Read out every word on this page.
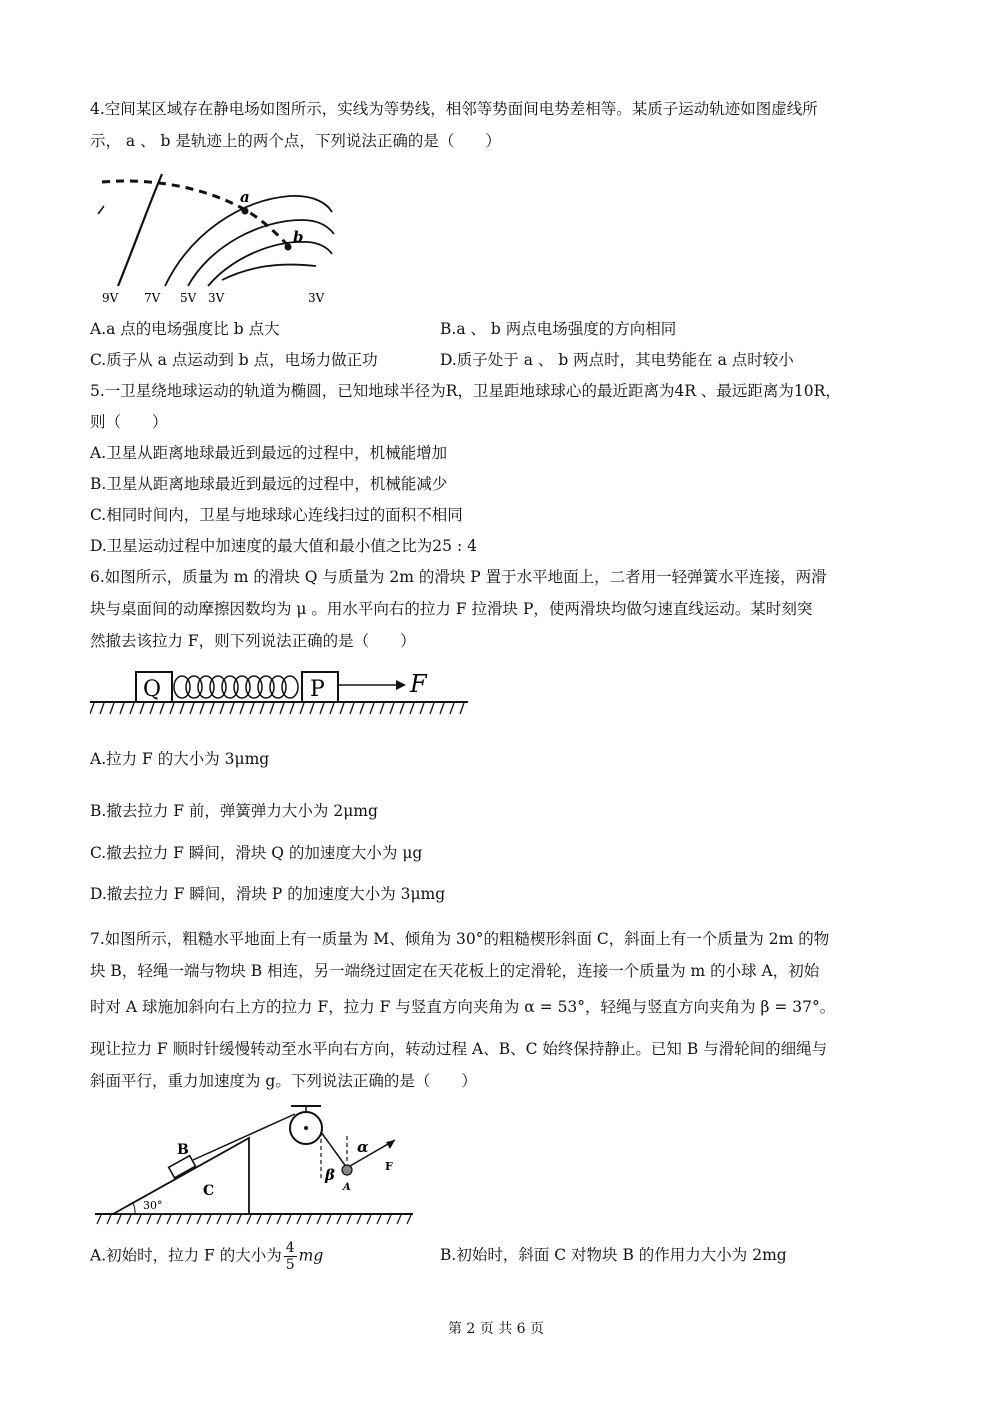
4.空间某区域存在静电场如图所示，实线为等势线，相邻等势面间电势差相等。某质子运动轨迹如图虚线所
示， a 、 b 是轨迹上的两个点，下列说法正确的是（　　）
a
b
9V 7V 5V 3V	3V
A.a 点的电场强度比 b 点大	B.a 、 b 两点电场强度的方向相同
C.质子从 a 点运动到 b 点，电场力做正功	D.质子处于 a 、 b 两点时，其电势能在 a 点时较小
5.一卫星绕地球运动的轨道为椭圆，已知地球半径为R，卫星距地球球心的最近距离为4R 、最远距离为10R，
则（　　）
A.卫星从距离地球最近到最远的过程中，机械能增加
B.卫星从距离地球最近到最远的过程中，机械能减少
C.相同时间内，卫星与地球球心连线扫过的面积不相同
D.卫星运动过程中加速度的最大值和最小值之比为25 : 4
6.如图所示，质量为 m 的滑块 Q 与质量为 2m 的滑块 P 置于水平地面上，二者用一轻弹簧水平连接，两滑
块与桌面间的动摩擦因数均为 μ 。用水平向右的拉力 F 拉滑块 P，使两滑块均做匀速直线运动。某时刻突
然撤去该拉力 F，则下列说法正确的是（　　）
Q	P	F
A.拉力 F 的大小为 3μmg
B.撤去拉力 F 前，弹簧弹力大小为 2μmg
C.撤去拉力 F 瞬间，滑块 Q 的加速度大小为 μg
D.撤去拉力 F 瞬间，滑块 P 的加速度大小为 3μmg
7.如图所示，粗糙水平地面上有一质量为 M、倾角为 30°的粗糙楔形斜面 C，斜面上有一个质量为 2m 的物
块 B，轻绳一端与物块 B 相连，另一端绕过固定在天花板上的定滑轮，连接一个质量为 m 的小球 A，初始
时对 A 球施加斜向右上方的拉力 F，拉力 F 与竖直方向夹角为 α = 53°，轻绳与竖直方向夹角为 β = 37°。
现让拉力 F 顺时针缓慢转动至水平向右方向，转动过程 A、B、C 始终保持静止。已知 B 与滑轮间的细绳与
斜面平行，重力加速度为 g。下列说法正确的是（　　）
30°
C
B	α
β
A
F
A.初始时，拉力 F 的大小为 $\frac{4}{5}$ mg	B.初始时，斜面 C 对物块 B 的作用力大小为 2mg
第 2 页 共 6 页
